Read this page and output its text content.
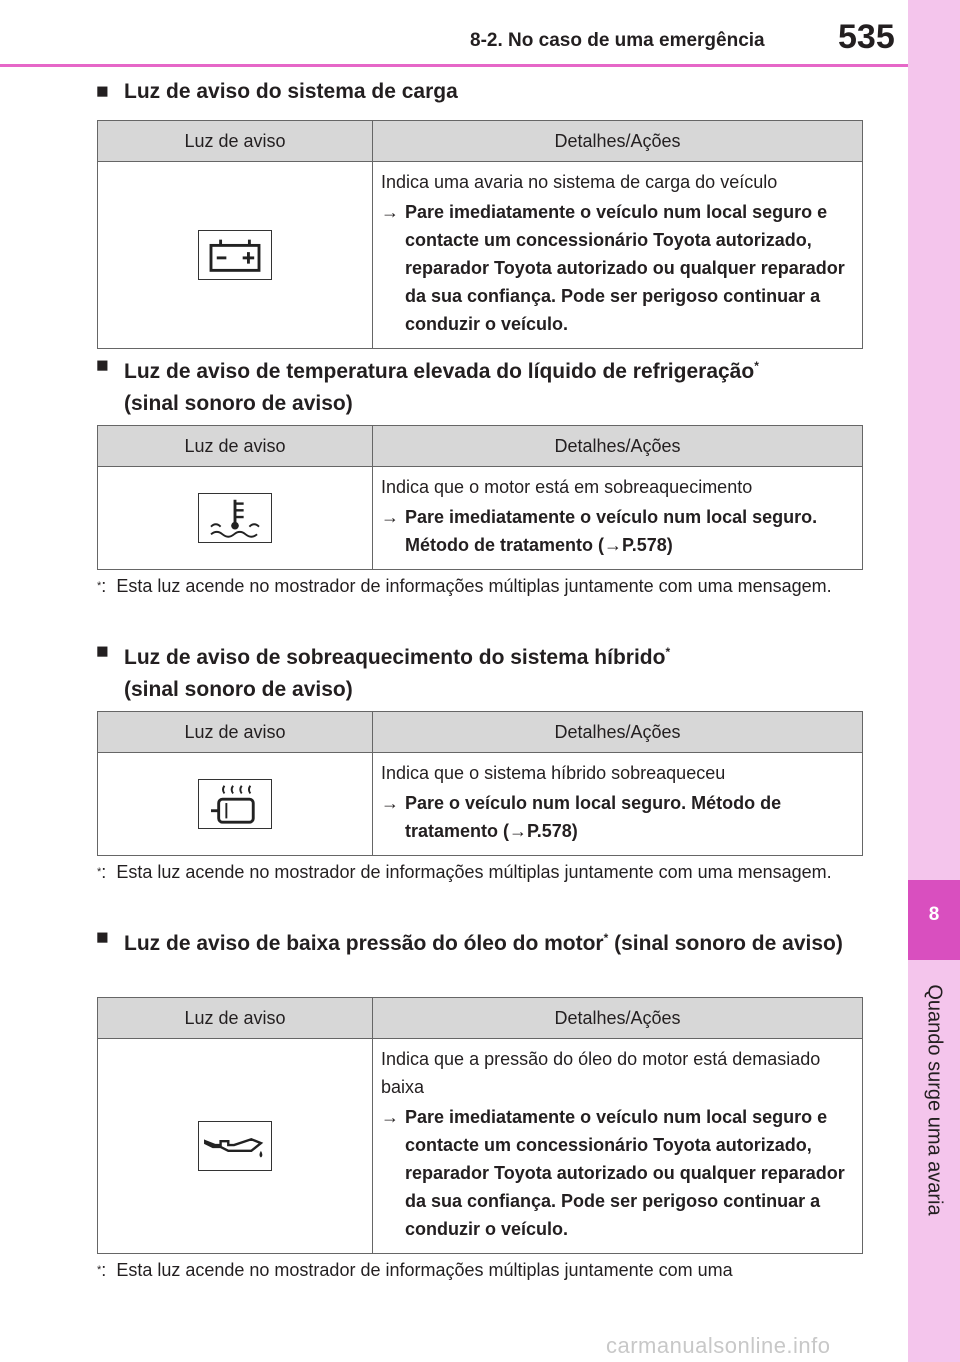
8-2. No caso de uma emergência 535
8
Quando surge uma avaria
■ Luz de aviso do sistema de carga
Luz de aviso	Detalhes/Ações

Indica uma avaria no sistema de carga do veículo
→ Pare imediatamente o veículo num local seguro e contacte um concessionário Toyota autorizado, reparador Toyota autorizado ou qualquer reparador da sua confiança. Pode ser perigoso continuar a conduzir o veículo.
■ Luz de aviso de temperatura elevada do líquido de refrigeração*
(sinal sonoro de aviso)
Luz de aviso	Detalhes/Ações

Indica que o motor está em sobreaquecimento
→ Pare imediatamente o veículo num local seguro. Método de tratamento (→P.578)
*: Esta luz acende no mostrador de informações múltiplas juntamente com uma mensagem.
■ Luz de aviso de sobreaquecimento do sistema híbrido*
(sinal sonoro de aviso)
Luz de aviso	Detalhes/Ações

Indica que o sistema híbrido sobreaqueceu
→ Pare o veículo num local seguro. Método de tratamento (→P.578)
*: Esta luz acende no mostrador de informações múltiplas juntamente com uma mensagem.
■ Luz de aviso de baixa pressão do óleo do motor* (sinal sonoro de aviso)
Luz de aviso	Detalhes/Ações

Indica que a pressão do óleo do motor está demasiado baixa
→ Pare imediatamente o veículo num local seguro e contacte um concessionário Toyota autorizado, reparador Toyota autorizado ou qualquer reparador da sua confiança. Pode ser perigoso continuar a conduzir o veículo.
*: Esta luz acende no mostrador de informações múltiplas juntamente com uma
carmanualsonline.info
